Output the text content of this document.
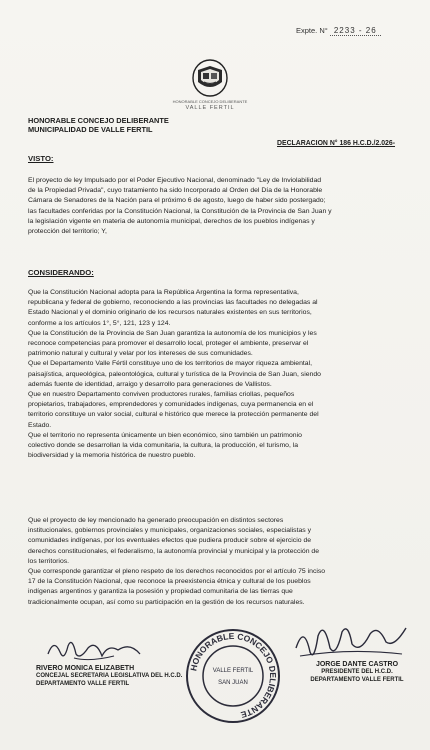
Expte. N° 2233 - 26
HONORABLE CONCEJO DELIBERANTE
VALLE FERTIL
HONORABLE CONCEJO DELIBERANTE
MUNICIPALIDAD DE VALLE FERTIL
DECLARACION N° 186 H.C.D./2.026-
VISTO:
El proyecto de ley Impulsado por el Poder Ejecutivo Nacional, denominado "Ley de Inviolabilidad
de la Propiedad Privada", cuyo tratamiento ha sido Incorporado al Orden del Día de la Honorable
Cámara de Senadores de la Nación para el próximo 6 de agosto, luego de haber sido postergado;
las facultades conferidas por la Constitución Nacional, la Constitución de la Provincia de San Juan y
la legislación vigente en materia de autonomía municipal, derechos de los pueblos indígenas y
protección del territorio; Y,
CONSIDERANDO:
Que la Constitución Nacional adopta para la República Argentina la forma representativa,
republicana y federal de gobierno, reconociendo a las provincias las facultades no delegadas al
Estado Nacional y el dominio originario de los recursos naturales existentes en sus territorios,
conforme a los artículos 1°, 5°, 121, 123 y 124.
Que la Constitución de la Provincia de San Juan garantiza la autonomía de los municipios y les
reconoce competencias para promover el desarrollo local, proteger el ambiente, preservar el
patrimonio natural y cultural y velar por los intereses de sus comunidades.
Que el Departamento Valle Fértil constituye uno de los territorios de mayor riqueza ambiental,
paisajística, arqueológica, paleontológica, cultural y turística de la Provincia de San Juan, siendo
además fuente de identidad, arraigo y desarrollo para generaciones de Vallistos.
Que en nuestro Departamento conviven productores rurales, familias criollas, pequeños
propietarios, trabajadores, emprendedores y comunidades indígenas, cuya permanencia en el
territorio constituye un valor social, cultural e histórico que merece la protección permanente del
Estado.
Que el territorio no representa únicamente un bien económico, sino también un patrimonio
colectivo donde se desarrollan la vida comunitaria, la cultura, la producción, el turismo, la
biodiversidad y la memoria histórica de nuestro pueblo.
Que el proyecto de ley mencionado ha generado preocupación en distintos sectores
institucionales, gobiernos provinciales y municipales, organizaciones sociales, especialistas y
comunidades indígenas, por los eventuales efectos que pudiera producir sobre el ejercicio de
derechos constitucionales, el federalismo, la autonomía provincial y municipal y la protección de
los territorios.
Que corresponde garantizar el pleno respeto de los derechos reconocidos por el artículo 75 inciso
17 de la Constitución Nacional, que reconoce la preexistencia étnica y cultural de los pueblos
indígenas argentinos y garantiza la posesión y propiedad comunitaria de las tierras que
tradicionalmente ocupan, así como su participación en la gestión de los recursos naturales.
RIVERO MONICA ELIZABETH
CONCEJAL SECRETARIA LEGISLATIVA DEL H.C.D.
DEPARTAMENTO VALLE FERTIL
HONORABLE CONCEJO DELIBERANTE
VALLE FERTIL
SAN JUAN
JORGE DANTE CASTRO
PRESIDENTE DEL H.C.D.
DEPARTAMENTO VALLE FERTIL
